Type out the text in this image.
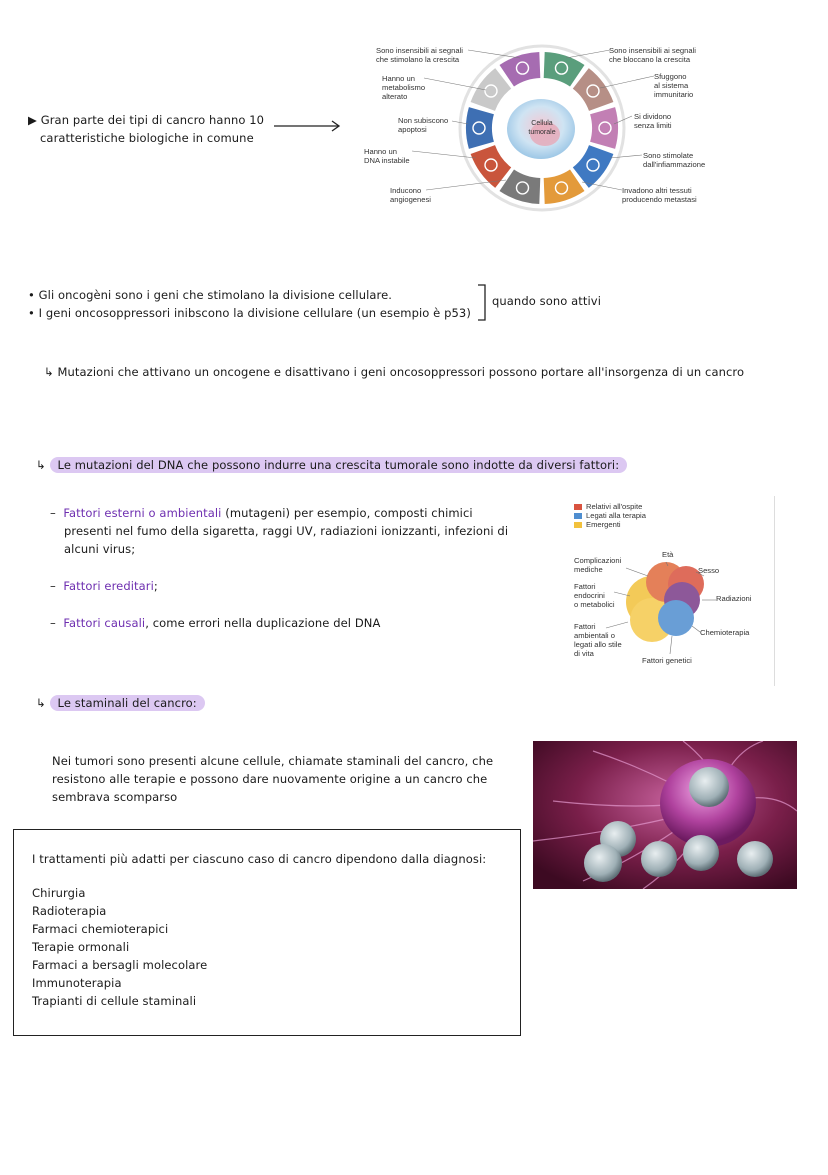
▶ Gran parte dei tipi di cancro hanno 10
caratteristiche biologiche in comune
Cellula
tumorale
Sono insensibili ai segnali
che stimolano la crescita
Hanno un
metabolismo
alterato
Non subiscono
apoptosi
Hanno un
DNA instabile
Inducono
angiogenesi
Sono insensibili ai segnali
che bloccano la crescita
Sfuggono
al sistema
immunitario
Si dividono
senza limiti
Sono stimolate
dall'infiammazione
Invadono altri tessuti
producendo metastasi
• Gli oncogèni sono i geni che stimolano la divisione cellulare.
• I geni oncosoppressori inibscono la divisione cellulare (un esempio è p53)
quando sono attivi
↳ Mutazioni che attivano un oncogene e disattivano i geni oncosoppressori possono portare all'insorgenza di un cancro
↳ Le mutazioni del DNA che possono indurre una crescita tumorale sono indotte da diversi fattori:
– Fattori esterni o ambientali (mutageni) per esempio, composti chimici
presenti nel fumo della sigaretta, raggi UV, radiazioni ionizzanti, infezioni di
alcuni virus;
– Fattori ereditari;
– Fattori causali, come errori nella duplicazione del DNA
Relativi all'ospite
Legati alla terapia
Emergenti
Età
Sesso
Radiazioni
Chemioterapia
Fattori genetici
Complicazioni
mediche
Fattori
endocrini
o metabolici
Fattori
ambientali o
legati allo stile
di vita
↳ Le staminali del cancro:
Nei tumori sono presenti alcune cellule, chiamate staminali del cancro, che
resistono alle terapie e possono dare nuovamente origine a un cancro che
sembrava scomparso
I trattamenti più adatti per ciascuno caso di cancro dipendono dalla diagnosi:
Chirurgia
Radioterapia
Farmaci chemioterapici
Terapie ormonali
Farmaci a bersagli molecolare
Immunoterapia
Trapianti di cellule staminali
